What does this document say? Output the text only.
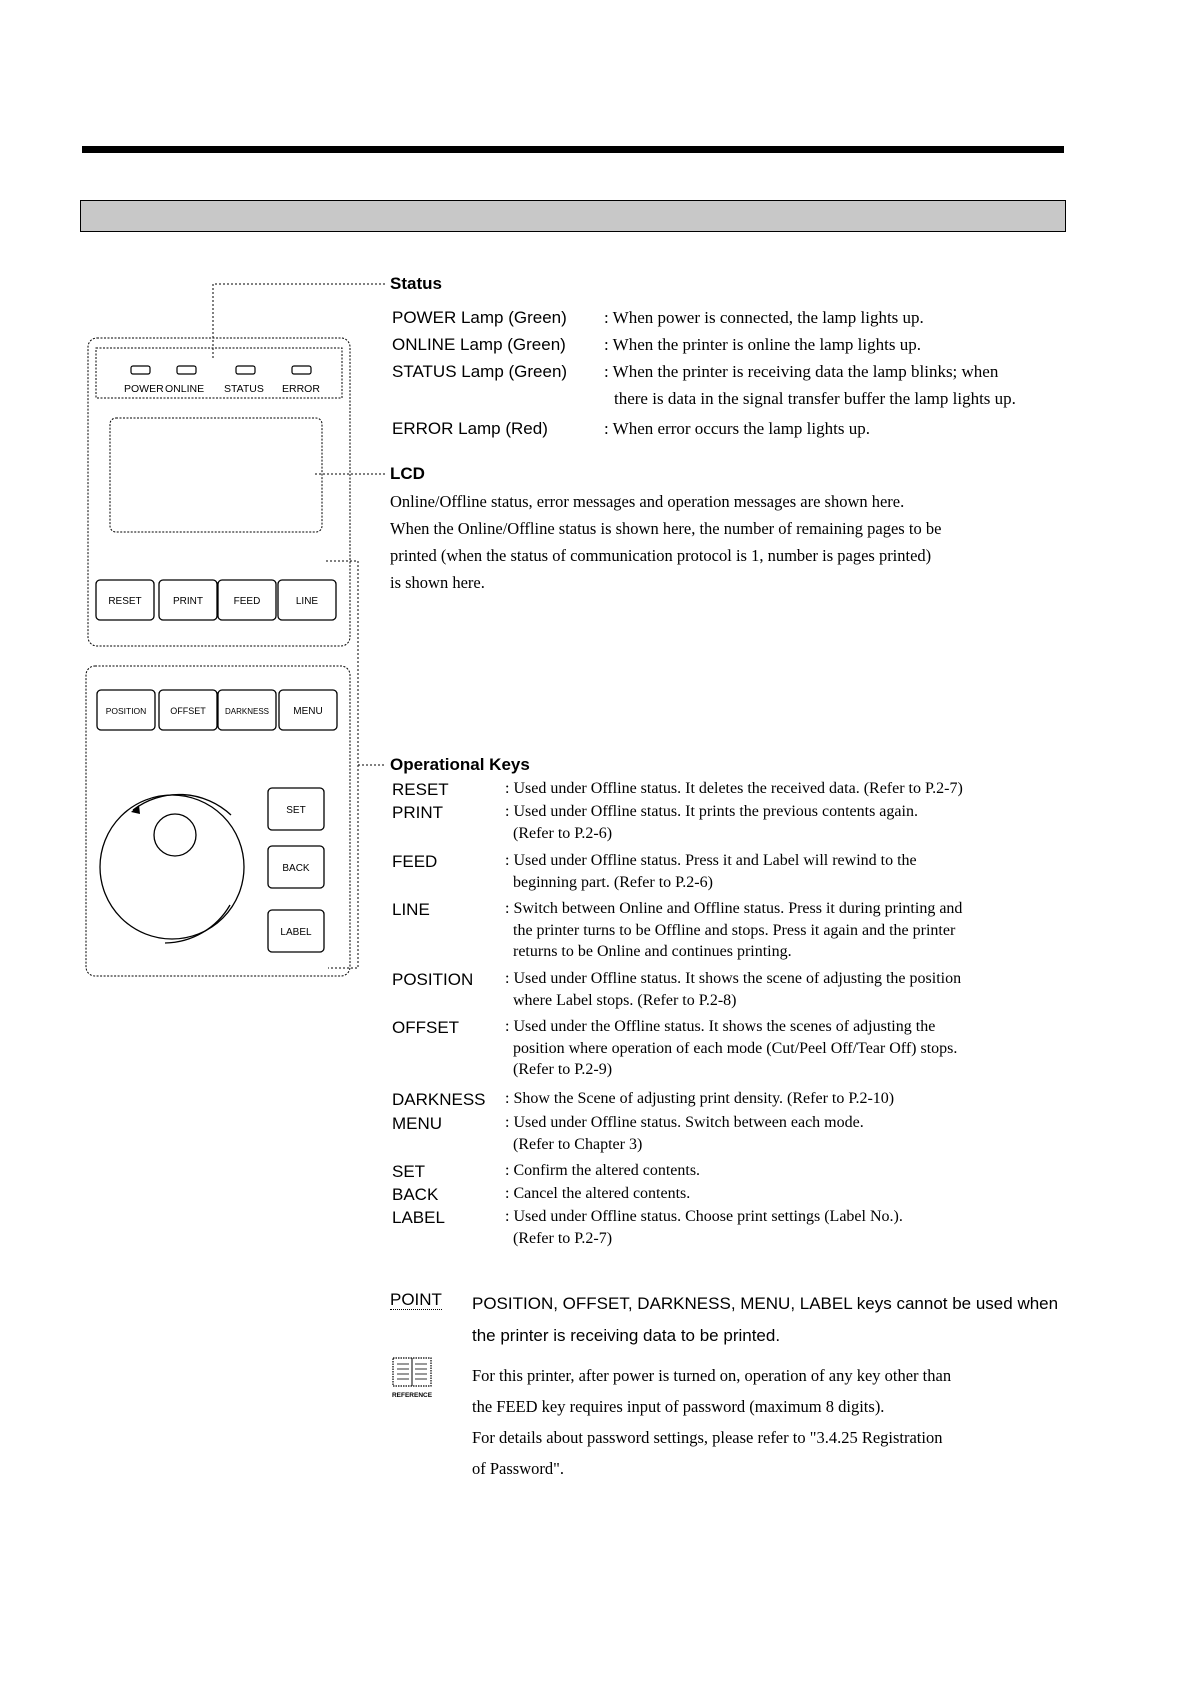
POWER ONLINE STATUS ERROR
RESET	PRINT	FEED	LINE
POSITION	OFFSET DARKNESS MENU
SET
BACK
LABEL
Status
POWER Lamp (Green) : When power is connected, the lamp lights up.
ONLINE Lamp (Green) : When the printer is online the lamp lights up.
STATUS Lamp (Green) : When the printer is receiving data the lamp blinks; when
there is data in the signal transfer buffer the lamp lights up.
ERROR Lamp (Red)	: When error occurs the lamp lights up.
LCD
Online/Offline status, error messages and operation messages are shown here.
When the Online/Offline status is shown here, the number of remaining pages to be
printed (when the status of communication protocol is 1, number is pages printed)
is shown here.
Operational Keys
RESET	: Used under Offline status. It deletes the received data. (Refer to P.2-7)
PRINT	: Used under Offline status. It prints the previous contents again.
(Refer to P.2-6)
FEED	: Used under Offline status. Press it and Label will rewind to the
beginning part. (Refer to P.2-6)
LINE	: Switch between Online and Offline status. Press it during printing and
the printer turns to be Offline and stops. Press it again and the printer
returns to be Online and continues printing.
POSITION : Used under Offline status. It shows the scene of adjusting the position
where Label stops. (Refer to P.2-8)
OFFSET	: Used under the Offline status. It shows the scenes of adjusting the
position where operation of each mode (Cut/Peel Off/Tear Off) stops.
(Refer to P.2-9)
DARKNESS : Show the Scene of adjusting print density. (Refer to P.2-10)
MENU	: Used under Offline status. Switch between each mode.
(Refer to Chapter 3)
SET	: Confirm the altered contents.
BACK	: Cancel the altered contents.
LABEL	: Used under Offline status. Choose print settings (Label No.).
(Refer to P.2-7)
POINT POSITION, OFFSET, DARKNESS, MENU, LABEL keys cannot be used when the printer is receiving data to be printed.
REFERENCE
For this printer, after power is turned on, operation of any key other than
the FEED key requires input of password (maximum 8 digits).
For details about password settings, please refer to "3.4.25 Registration
of Password".
